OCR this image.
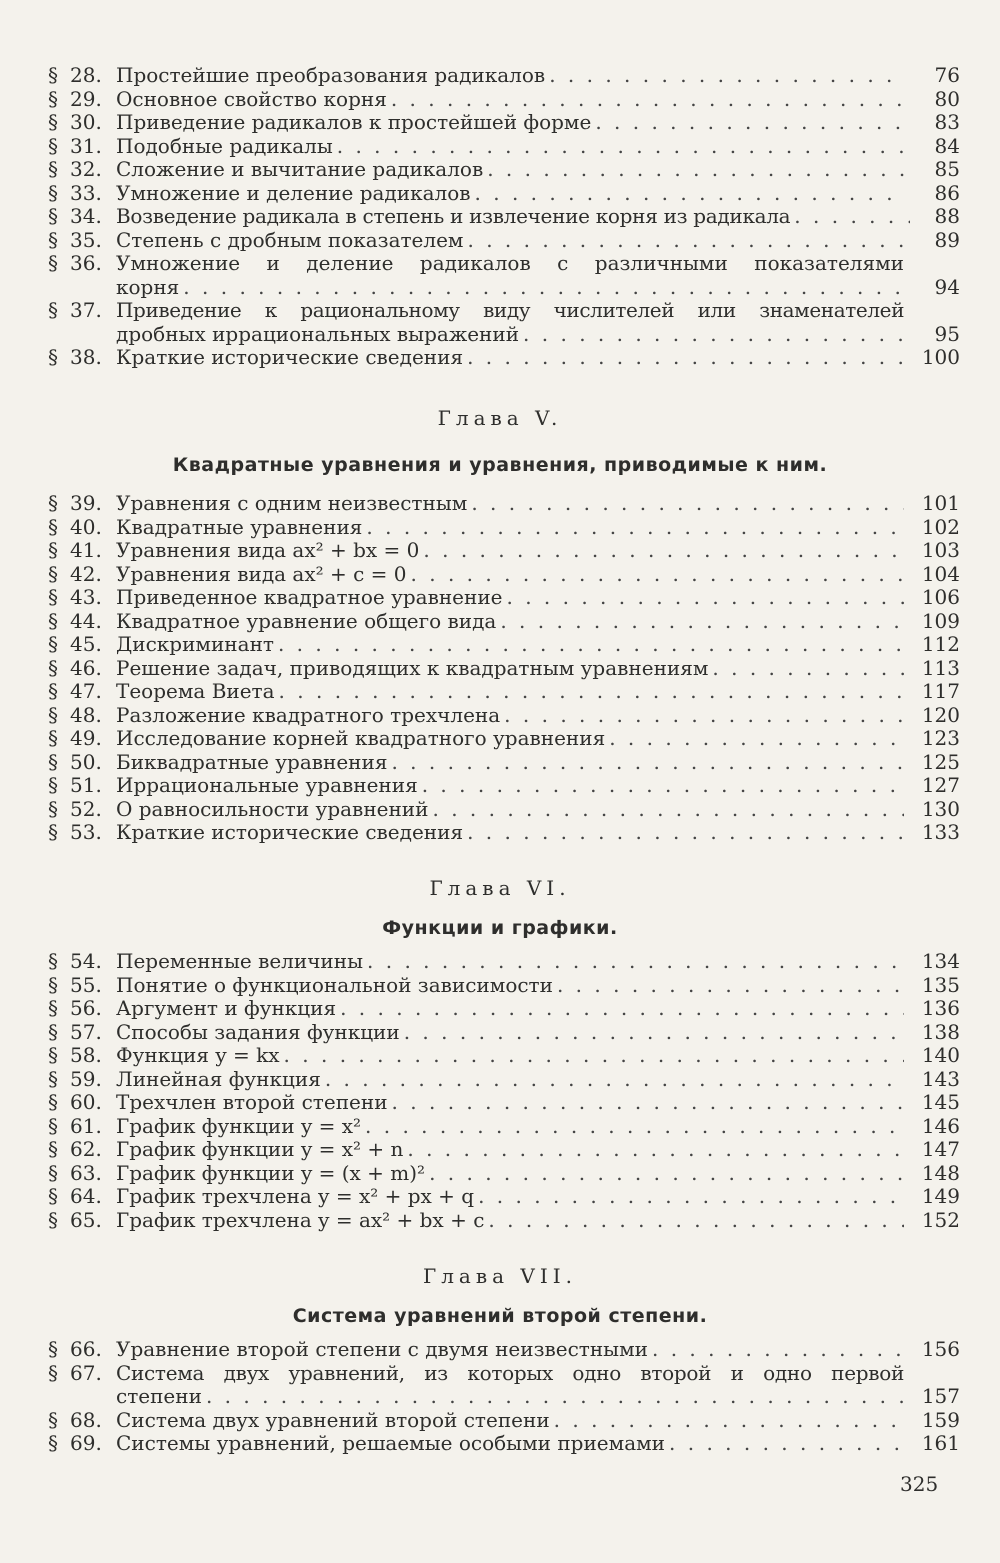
§ 28. Простейшие преобразования радикалов . . .	76
§ 29. Основное свойство корня . . .	80
§ 30. Приведение радикалов к простейшей форме . . .	83
§ 31. Подобные радикалы . . .	84
§ 32. Сложение и вычитание радикалов . . .	85
§ 33. Умножение и деление радикалов . . .	86
§ 34. Возведение радикала в степень и извлечение корня из радикала . . .	88
§ 35. Степень с дробным показателем . . .	89
§ 36. Умножение и деление радикалов с различными показателями
корня . . .	94
§ 37. Приведение к рациональному виду числителей или знаменателей
дробных иррациональных выражений . . .	95
§ 38. Краткие исторические сведения . . .	100
Глава V.
Квадратные уравнения и уравнения, приводимые к ним.
§ 39. Уравнения с одним неизвестным . . .	101
§ 40. Квадратные уравнения . . .	102
§ 41. Уравнения вида ax² + bx = 0 . . .	103
§ 42. Уравнения вида ax² + c = 0 . . .	104
§ 43. Приведенное квадратное уравнение . . .	106
§ 44. Квадратное уравнение общего вида . . .	109
§ 45. Дискриминант . . .	112
§ 46. Решение задач, приводящих к квадратным уравнениям . . .	113
§ 47. Теорема Виета . . .	117
§ 48. Разложение квадратного трехчлена . . .	120
§ 49. Исследование корней квадратного уравнения . . .	123
§ 50. Биквадратные уравнения . . .	125
§ 51. Иррациональные уравнения . . .	127
§ 52. О равносильности уравнений . . .	130
§ 53. Краткие исторические сведения . . .	133
Глава VI.
Функции и графики.
§ 54. Переменные величины . . .	134
§ 55. Понятие о функциональной зависимости . . .	135
§ 56. Аргумент и функция . . .	136
§ 57. Способы задания функции . . .	138
§ 58. Функция y = kx . . .	140
§ 59. Линейная функция . . .	143
§ 60. Трехчлен второй степени . . .	145
§ 61. График функции y = x² . . .	146
§ 62. График функции y = x² + n . . .	147
§ 63. График функции y = (x + m)² . . .	148
§ 64. График трехчлена y = x² + px + q . . .	149
§ 65. График трехчлена y = ax² + bx + c . . .	152
Глава VII.
Система уравнений второй степени.
§ 66. Уравнение второй степени с двумя неизвестными . . .	156
§ 67. Система двух уравнений, из которых одно второй и одно первой
степени . . .	157
§ 68. Система двух уравнений второй степени . . .	159
§ 69. Системы уравнений, решаемые особыми приемами . . .	161
325
